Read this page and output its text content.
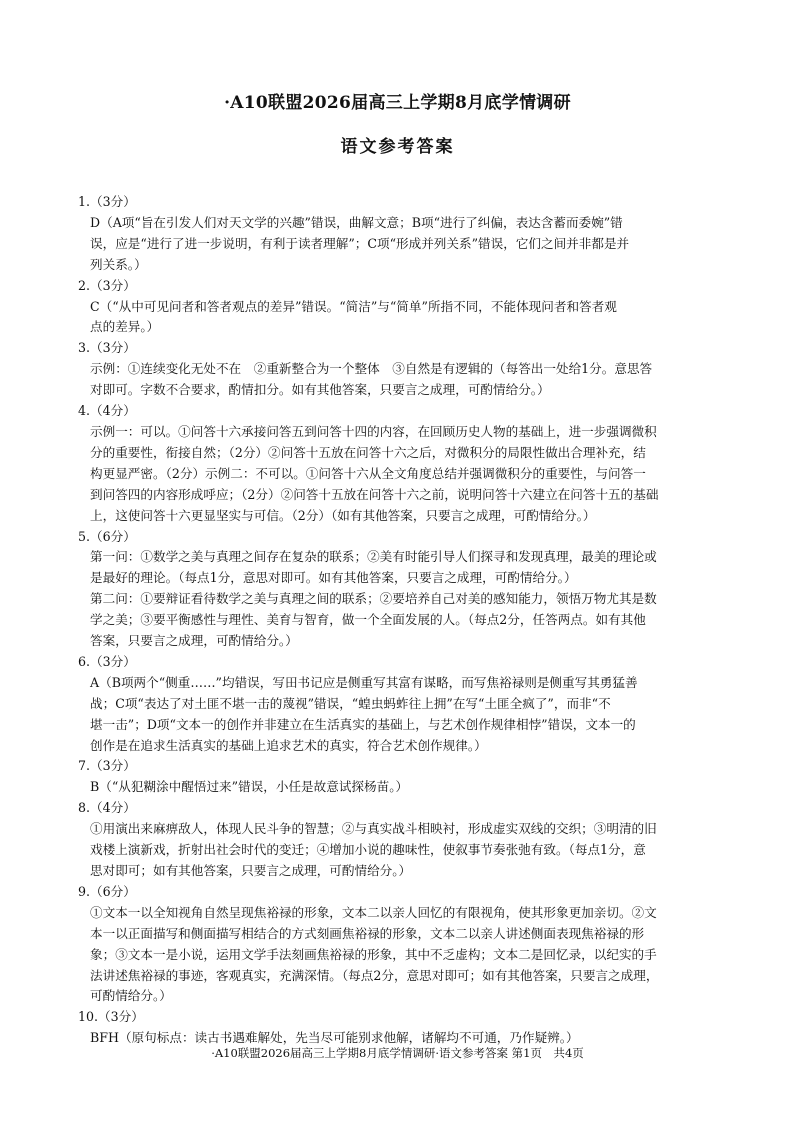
·A10联盟2026届高三上学期8月底学情调研
语文参考答案
1.（3分）
D（A项“旨在引发人们对天文学的兴趣”错误，曲解文意；B项“进行了纠偏，表达含蓄而委婉”错
误，应是“进行了进一步说明，有利于读者理解”；C项“形成并列关系”错误，它们之间并非都是并
列关系。）
2.（3分）
C（“从中可见问者和答者观点的差异”错误。“简洁”与“简单”所指不同，不能体现问者和答者观
点的差异。）
3.（3分）
示例：①连续变化无处不在　②重新整合为一个整体　③自然是有逻辑的（每答出一处给1分。意思答
对即可。字数不合要求，酌情扣分。如有其他答案，只要言之成理，可酌情给分。）
4.（4分）
示例一：可以。①问答十六承接问答五到问答十四的内容，在回顾历史人物的基础上，进一步强调微积
分的重要性，衔接自然；（2分）②问答十五放在问答十六之后，对微积分的局限性做出合理补充，结
构更显严密。（2分）示例二：不可以。①问答十六从全文角度总结并强调微积分的重要性，与问答一
到问答四的内容形成呼应；（2分）②问答十五放在问答十六之前，说明问答十六建立在问答十五的基础
上，这使问答十六更显坚实与可信。（2分）（如有其他答案，只要言之成理，可酌情给分。）
5.（6分）
第一问：①数学之美与真理之间存在复杂的联系；②美有时能引导人们探寻和发现真理，最美的理论或
是最好的理论。（每点1分，意思对即可。如有其他答案，只要言之成理，可酌情给分。）
第二问：①要辩证看待数学之美与真理之间的联系；②要培养自己对美的感知能力，领悟万物尤其是数
学之美；③要平衡感性与理性、美育与智育，做一个全面发展的人。（每点2分，任答两点。如有其他
答案，只要言之成理，可酌情给分。）
6.（3分）
A（B项两个“侧重……”均错误，写田书记应是侧重写其富有谋略，而写焦裕禄则是侧重写其勇猛善
战；C项“表达了对土匪不堪一击的蔑视”错误，“蝗虫蚂蚱往上拥”在写“土匪全疯了”，而非“不
堪一击”；D项“文本一的创作并非建立在生活真实的基础上，与艺术创作规律相悖”错误，文本一的
创作是在追求生活真实的基础上追求艺术的真实，符合艺术创作规律。）
7.（3分）
B（“从犯糊涂中醒悟过来”错误，小任是故意试探杨苗。）
8.（4分）
①用演出来麻痹敌人，体现人民斗争的智慧；②与真实战斗相映衬，形成虚实双线的交织；③明清的旧
戏楼上演新戏，折射出社会时代的变迁；④增加小说的趣味性，使叙事节奏张弛有致。（每点1分，意
思对即可；如有其他答案，只要言之成理，可酌情给分。）
9.（6分）
①文本一以全知视角自然呈现焦裕禄的形象，文本二以亲人回忆的有限视角，使其形象更加亲切。②文
本一以正面描写和侧面描写相结合的方式刻画焦裕禄的形象，文本二以亲人讲述侧面表现焦裕禄的形
象；③文本一是小说，运用文学手法刻画焦裕禄的形象，其中不乏虚构；文本二是回忆录，以纪实的手
法讲述焦裕禄的事迹，客观真实，充满深情。（每点2分，意思对即可；如有其他答案，只要言之成理，
可酌情给分。）
10.（3分）
BFH（原句标点：读古书遇难解处，先当尽可能别求他解，诸解均不可通，乃作疑辨。）
·A10联盟2026届高三上学期8月底学情调研·语文参考答案 第1页　共4页
